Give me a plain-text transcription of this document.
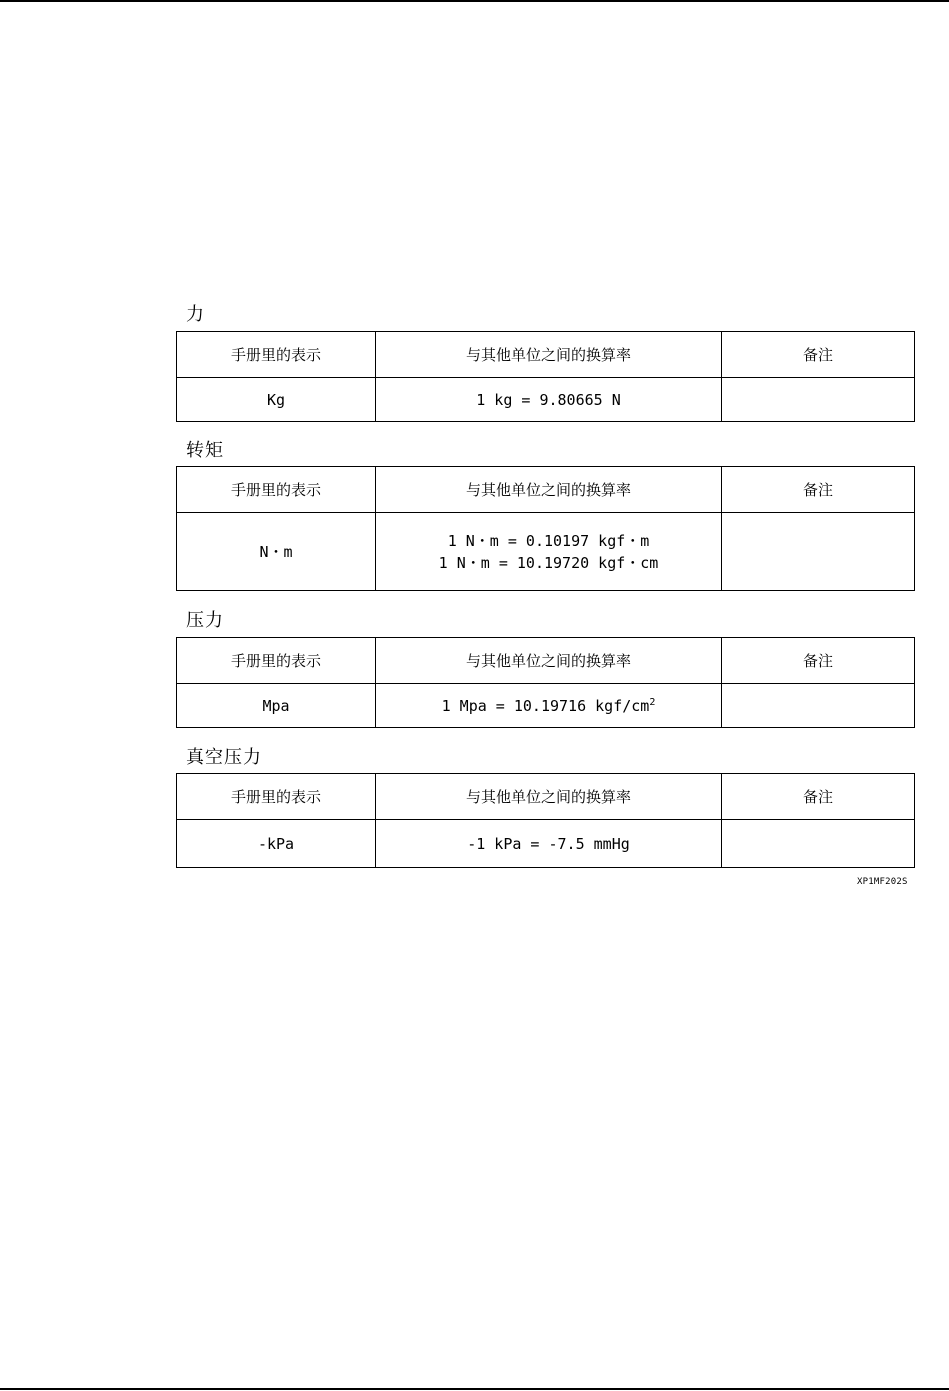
力
手册里的表示	与其他单位之间的换算率	备注
Kg	1 kg = 9.80665 N	

转矩
手册里的表示	与其他单位之间的换算率	备注
N・m	1 N・m = 0.10197 kgf・m
1 N・m = 10.19720 kgf・cm	

压力
手册里的表示	与其他单位之间的换算率	备注
Mpa	1 Mpa = 10.19716 kgf/$cm^2$	
真空压力
手册里的表示	与其他单位之间的换算率	备注
-kPa	-1 kPa = -7.5 mmHg	

XP1MF202S
